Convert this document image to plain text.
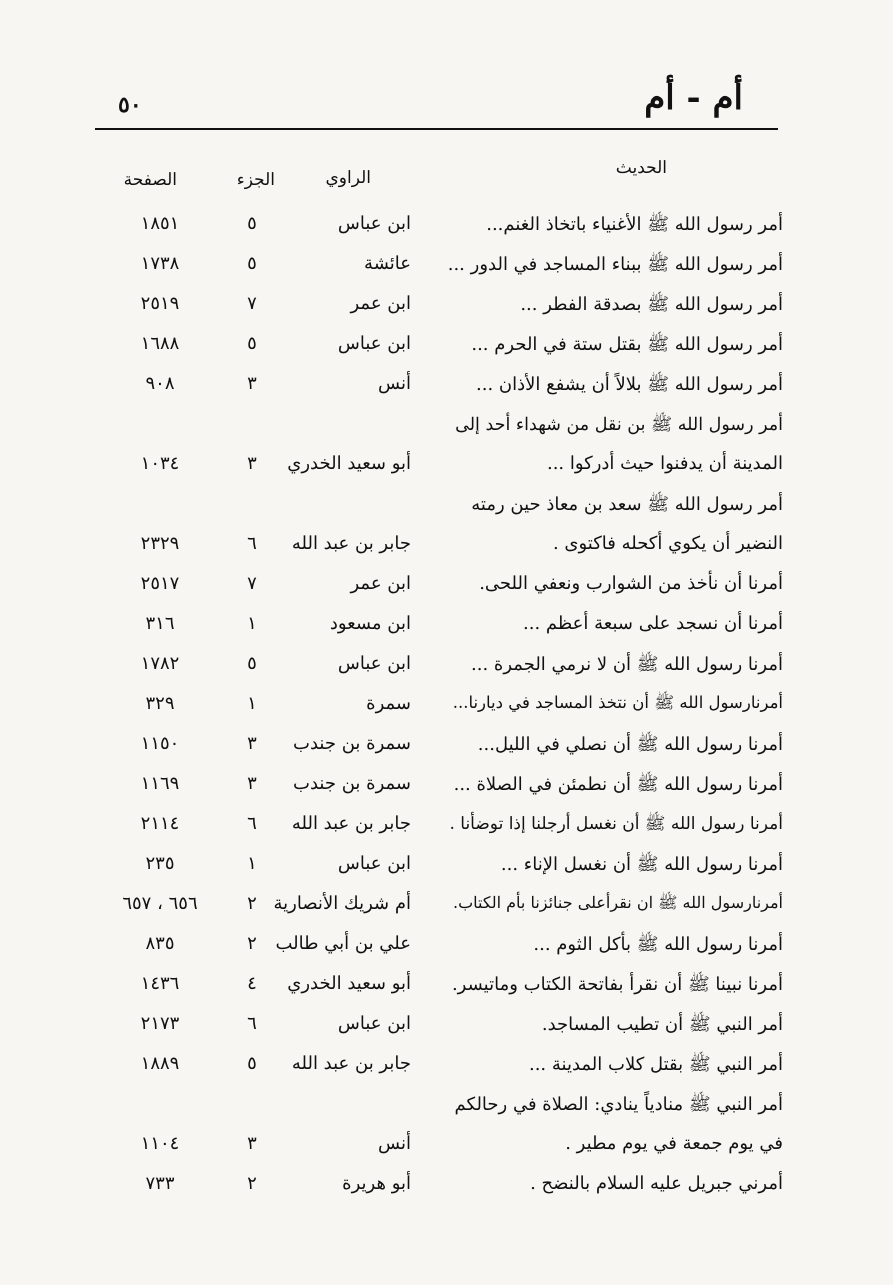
أم - أم
٥٠
الحديث
الراوي
الجزء
الصفحة
أمر رسول الله ﷺ الأغنياء باتخاذ الغنم...
ابن عباس
٥
١٨٥١
أمر رسول الله ﷺ ببناء المساجد في الدور ...
عائشة
٥
١٧٣٨
أمر رسول الله ﷺ بصدقة الفطر ...
ابن عمر
٧
٢٥١٩
أمر رسول الله ﷺ بقتل ستة في الحرم ...
ابن عباس
٥
١٦٨٨
أمر رسول الله ﷺ بلالاً أن يشفع الأذان ...
أنس
٣
٩٠٨
أمر رسول الله ﷺ بن نقل من شهداء أحد إلى
المدينة أن يدفنوا حيث أدركوا ...
أبو سعيد الخدري
٣
١٠٣٤
أمر رسول الله ﷺ سعد بن معاذ حين رمته
النضير أن يكوي أكحله فاكتوى .
جابر بن عبد الله
٦
٢٣٢٩
أمرنا أن نأخذ من الشوارب ونعفي اللحى.
ابن عمر
٧
٢٥١٧
أمرنا أن نسجد على سبعة أعظم ...
ابن مسعود
١
٣١٦
أمرنا رسول الله ﷺ أن لا نرمي الجمرة ...
ابن عباس
٥
١٧٨٢
أمرنارسول الله ﷺ أن نتخذ المساجد في ديارنا...
سمرة
١
٣٢٩
أمرنا رسول الله ﷺ أن نصلي في الليل...
سمرة بن جندب
٣
١١٥٠
أمرنا رسول الله ﷺ أن نطمئن في الصلاة ...
سمرة بن جندب
٣
١١٦٩
أمرنا رسول الله ﷺ أن نغسل أرجلنا إذا توضأنا .
جابر بن عبد الله
٦
٢١١٤
أمرنا رسول الله ﷺ أن نغسل الإناء ...
ابن عباس
١
٢٣٥
أمرنارسول الله ﷺ ان نقرأعلى جنائزنا بأم الكتاب.
أم شريك الأنصارية
٢
٦٥٦ ، ٦٥٧
أمرنا رسول الله ﷺ بأكل الثوم ...
علي بن أبي طالب
٢
٨٣٥
أمرنا نبينا ﷺ أن نقرأ بفاتحة الكتاب وماتيسر.
أبو سعيد الخدري
٤
١٤٣٦
أمر النبي ﷺ أن تطيب المساجد.
ابن عباس
٦
٢١٧٣
أمر النبي ﷺ بقتل كلاب المدينة ...
جابر بن عبد الله
٥
١٨٨٩
أمر النبي ﷺ منادياً ينادي: الصلاة في رحالكم
في يوم جمعة في يوم مطير .
أنس
٣
١١٠٤
أمرني جبريل عليه السلام بالنضح .
أبو هريرة
٢
٧٣٣
